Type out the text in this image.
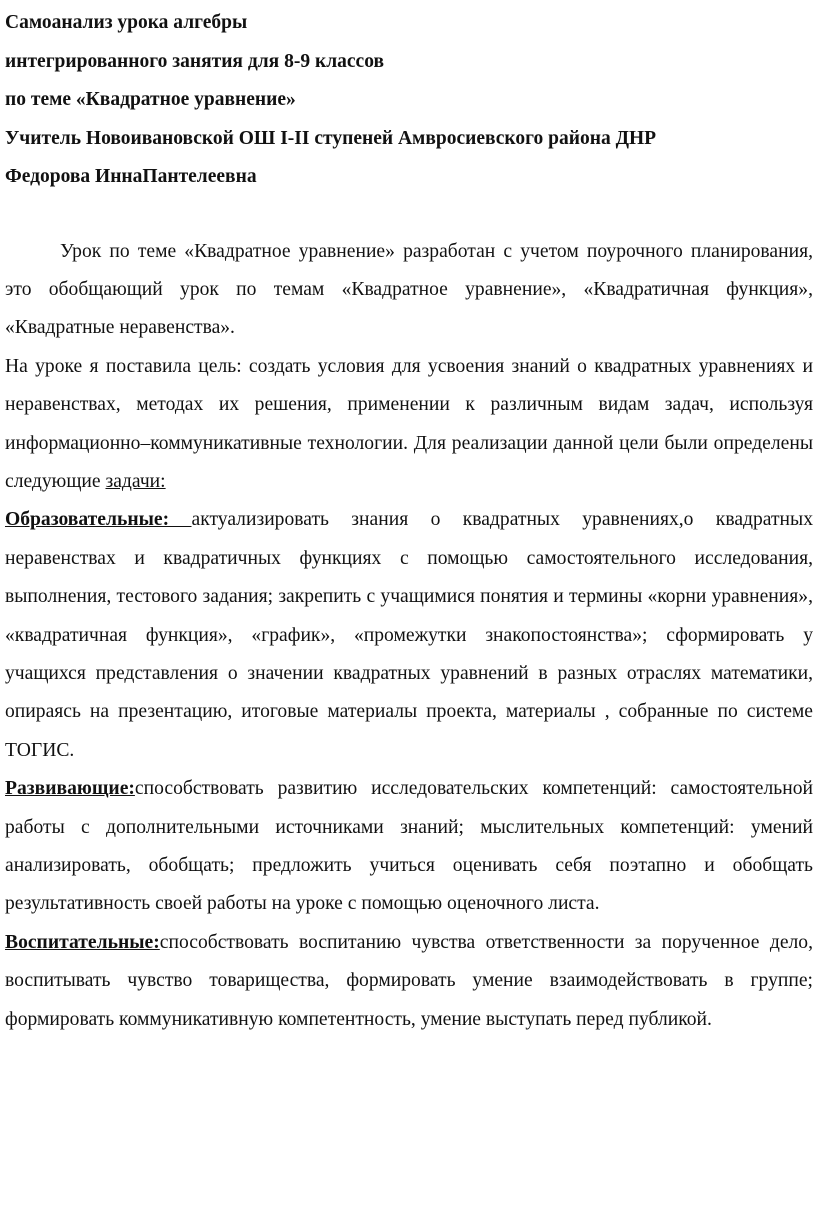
Самоанализ урока алгебры

интегрированного занятия для 8-9 классов

по теме «Квадратное уравнение»

Учитель Новоивановской ОШ I-II ступеней Амвросиевского района ДНР

Федорова ИннаПантелеевна

Урок по теме «Квадратное уравнение» разработан с учетом поурочного планирования, это обобщающий урок по темам «Квадратное уравнение», «Квадратичная функция», «Квадратные неравенства».

На уроке я поставила цель: создать условия для усвоения знаний о квадратных уравнениях и неравенствах, методах их решения, применении к различным видам задач, используя информационно–коммуникативные технологии. Для реализации данной цели были определены следующие задачи:

Образовательные: актуализировать знания о квадратных уравнениях,о квадратных неравенствах и квадратичных функциях с помощью самостоятельного исследования, выполнения, тестового задания; закрепить с учащимися понятия и термины «корни уравнения», «квадратичная функция», «график», «промежутки знакопостоянства»; сформировать у учащихся представления о значении квадратных уравнений в разных отраслях математики, опираясь на презентацию, итоговые материалы проекта, материалы , собранные по системе ТОГИС.

Развивающие:способствовать развитию исследовательских компетенций: самостоятельной работы с дополнительными источниками знаний; мыслительных компетенций: умений анализировать, обобщать; предложить учиться оценивать себя поэтапно и обобщать результативность своей работы на уроке с помощью оценочного листа.

Воспитательные:способствовать воспитанию чувства ответственности за порученное дело, воспитывать чувство товарищества, формировать умение взаимодействовать в группе; формировать коммуникативную компетентность, умение выступать перед публикой.
